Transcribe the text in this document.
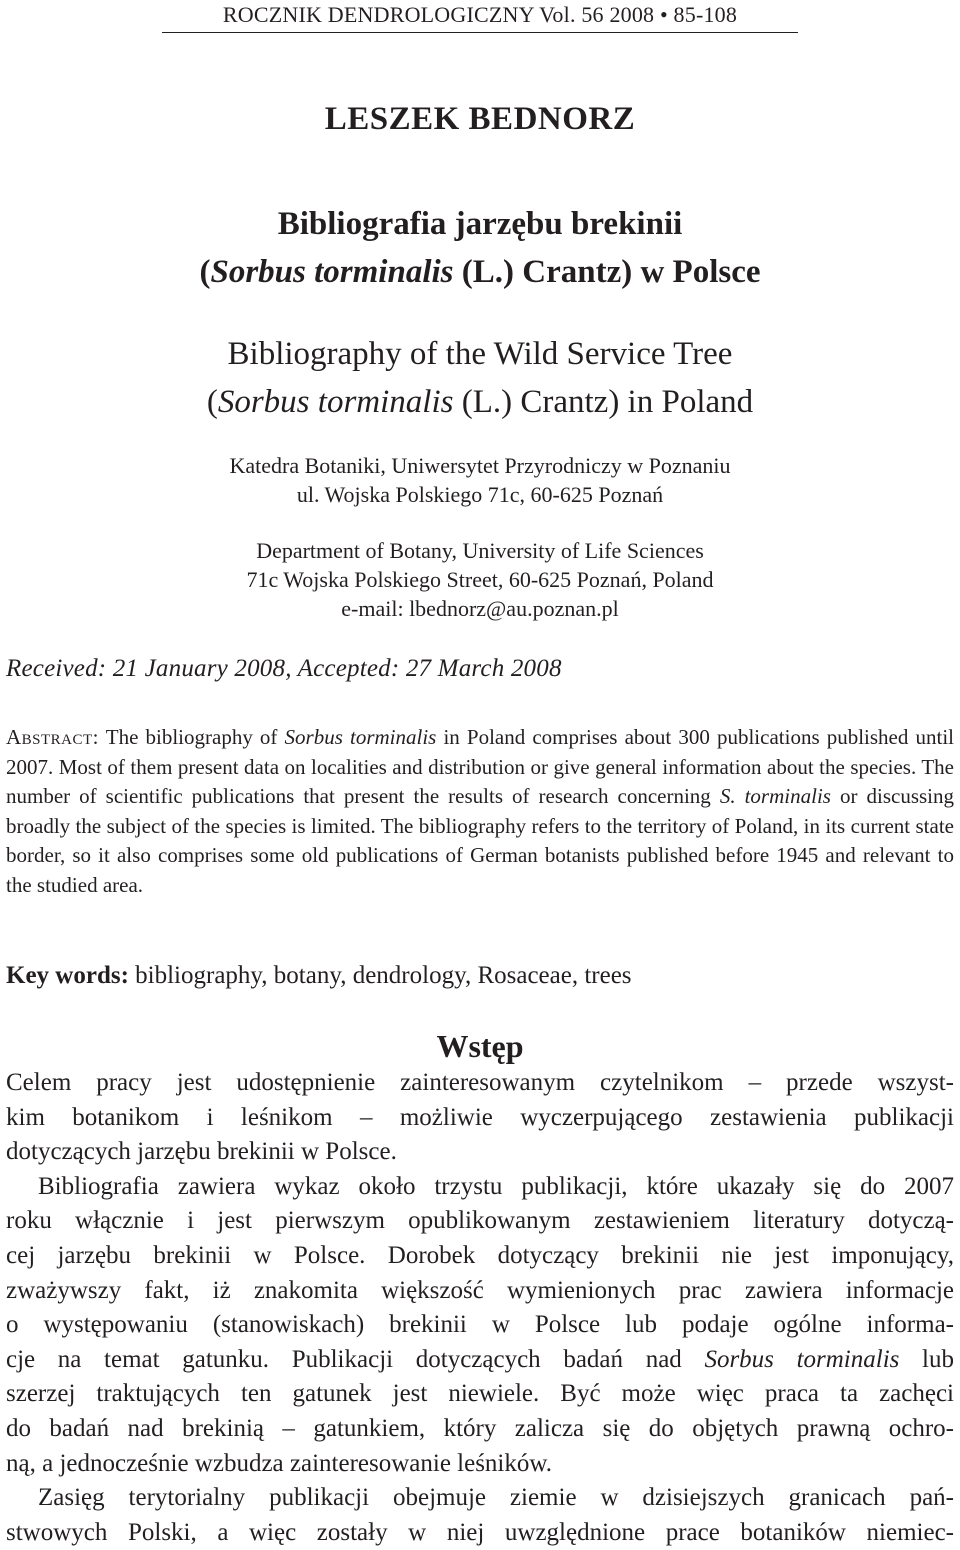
ROCZNIK DENDROLOGICZNY Vol. 56 2008 • 85-108
LESZEK BEDNORZ
Bibliografia jarzębu brekinii
(Sorbus torminalis (L.) Crantz) w Polsce
Bibliography of the Wild Service Tree
(Sorbus torminalis (L.) Crantz) in Poland
Katedra Botaniki, Uniwersytet Przyrodniczy w Poznaniu
ul. Wojska Polskiego 71c, 60-625 Poznań
Department of Botany, University of Life Sciences
71c Wojska Polskiego Street, 60-625 Poznań, Poland
e-mail: lbednorz@au.poznan.pl
Received: 21 January 2008, Accepted: 27 March 2008
Abstract: The bibliography of Sorbus torminalis in Poland comprises about 300 publications published until 2007. Most of them present data on localities and distribution or give general information about the species. The number of scientific publications that present the results of research concerning S. torminalis or discussing broadly the subject of the species is limited. The bibliography refers to the territory of Poland, in its current state border, so it also comprises some old publications of German botanists published before 1945 and relevant to the studied area.
Key words: bibliography, botany, dendrology, Rosaceae, trees
Wstęp
Celem pracy jest udostępnienie zainteresowanym czytelnikom – przede wszyst-
kim botanikom i leśnikom – możliwie wyczerpującego zestawienia publikacji
dotyczących jarzębu brekinii w Polsce.
Bibliografia zawiera wykaz około trzystu publikacji, które ukazały się do 2007
roku włącznie i jest pierwszym opublikowanym zestawieniem literatury dotyczą-
cej jarzębu brekinii w Polsce. Dorobek dotyczący brekinii nie jest imponujący,
zważywszy fakt, iż znakomita większość wymienionych prac zawiera informacje
o występowaniu (stanowiskach) brekinii w Polsce lub podaje ogólne informa-
cje na temat gatunku. Publikacji dotyczących badań nad Sorbus torminalis lub
szerzej traktujących ten gatunek jest niewiele. Być może więc praca ta zachęci
do badań nad brekinią – gatunkiem, który zalicza się do objętych prawną ochro-
ną, a jednocześnie wzbudza zainteresowanie leśników.
Zasięg terytorialny publikacji obejmuje ziemie w dzisiejszych granicach pań-
stwowych Polski, a więc zostały w niej uwzględnione prace botaników niemiec-
